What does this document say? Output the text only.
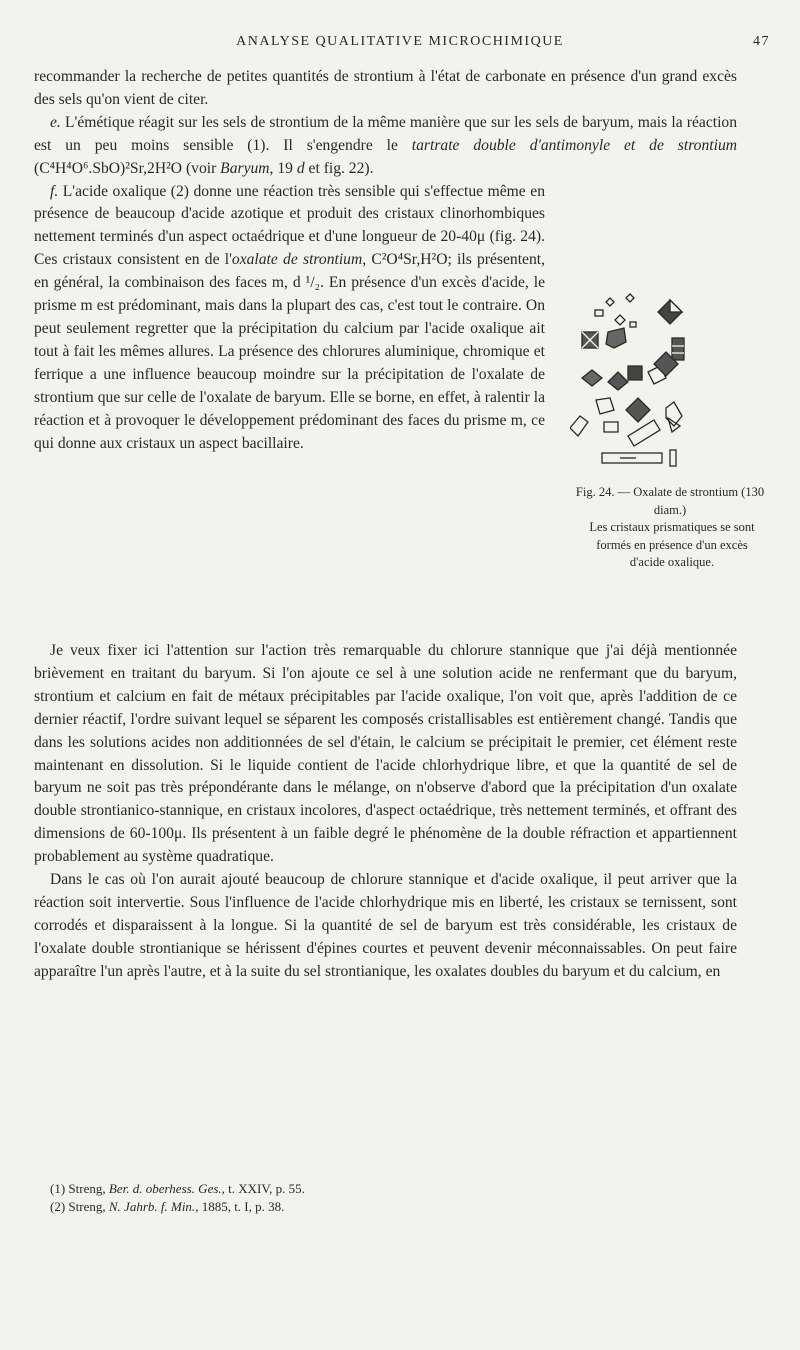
ANALYSE QUALITATIVE MICROCHIMIQUE	47

recommander la recherche de petites quantités de strontium à l'état de carbonate en présence d'un grand excès des sels qu'on vient de citer.

e. L'émétique réagit sur les sels de strontium de la même manière que sur les sels de baryum, mais la réaction est un peu moins sensible (1). Il s'engendre le tartrate double d'antimonyle et de strontium (C⁴H⁴O⁶.SbO)²Sr,2H²O (voir Baryum, 19 d et fig. 22).

f. L'acide oxalique (2) donne une réaction très sensible qui s'effectue même en présence de beaucoup d'acide azotique et produit des cristaux clinorhombiques nettement terminés d'un aspect octaédrique et d'une longueur de 20-40μ (fig. 24). Ces cristaux consistent en de l'oxalate de strontium, C²O⁴Sr,H²O; ils présentent, en général, la combinaison des faces m, d ¹/₂. En présence d'un excès d'acide, le prisme m est prédominant, mais dans la plupart des cas, c'est tout le contraire. On peut seulement regretter que la précipitation du calcium par l'acide oxalique ait tout à fait les mêmes allures. La présence des chlorures aluminique, chromique et ferrique a une influence beaucoup moindre sur la précipitation de l'oxalate de strontium que sur celle de l'oxalate de baryum. Elle se borne, en effet, à ralentir la réaction et à provoquer le développement prédominant des faces du prisme m, ce qui donne aux cristaux un aspect bacillaire.

Fig. 24. — Oxalate de strontium (130 diam.)
Les cristaux prismatiques se sont formés en présence d'un excès d'acide oxalique.

Je veux fixer ici l'attention sur l'action très remarquable du chlorure stannique que j'ai déjà mentionnée brièvement en traitant du baryum. Si l'on ajoute ce sel à une solution acide ne renfermant que du baryum, strontium et calcium en fait de métaux précipitables par l'acide oxalique, l'on voit que, après l'addition de ce dernier réactif, l'ordre suivant lequel se séparent les composés cristallisables est entièrement changé. Tandis que dans les solutions acides non additionnées de sel d'étain, le calcium se précipitait le premier, cet élément reste maintenant en dissolution. Si le liquide contient de l'acide chlorhydrique libre, et que la quantité de sel de baryum ne soit pas très prépondérante dans le mélange, on n'observe d'abord que la précipitation d'un oxalate double strontianico-stannique, en cristaux incolores, d'aspect octaédrique, très nettement terminés, et offrant des dimensions de 60-100μ. Ils présentent à un faible degré le phénomène de la double réfraction et appartiennent probablement au système quadratique.

Dans le cas où l'on aurait ajouté beaucoup de chlorure stannique et d'acide oxalique, il peut arriver que la réaction soit intervertie. Sous l'influence de l'acide chlorhydrique mis en liberté, les cristaux se ternissent, sont corrodés et disparaissent à la longue. Si la quantité de sel de baryum est très considérable, les cristaux de l'oxalate double strontianique se hérissent d'épines courtes et peuvent devenir méconnaissables. On peut faire apparaître l'un après l'autre, et à la suite du sel strontianique, les oxalates doubles du baryum et du calcium, en

(1) Streng, Ber. d. oberhess. Ges., t. XXIV, p. 55.
(2) Streng, N. Jahrb. f. Min., 1885, t. I, p. 38.
